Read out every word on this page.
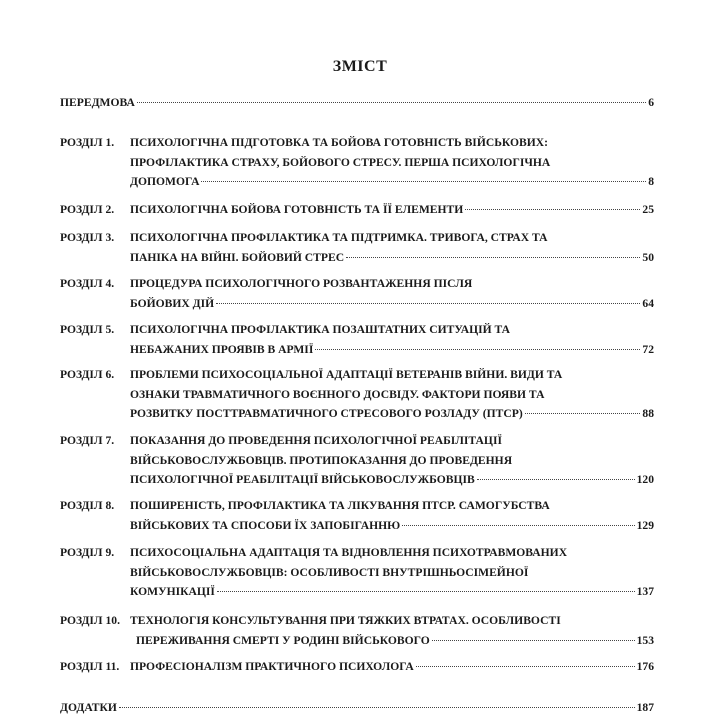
ЗМІСТ
ПЕРЕДМОВА	6
РОЗДІЛ 1.	ПСИХОЛОГІЧНА ПІДГОТОВКА ТА БОЙОВА ГОТОВНІСТЬ ВІЙСЬКОВИХ:
ПРОФІЛАКТИКА СТРАХУ, БОЙОВОГО СТРЕСУ. ПЕРША ПСИХОЛОГІЧНА
ДОПОМОГА	8
РОЗДІЛ 2.	ПСИХОЛОГІЧНА БОЙОВА ГОТОВНІСТЬ ТА ЇЇ ЕЛЕМЕНТИ	25
РОЗДІЛ 3.	ПСИХОЛОГІЧНА ПРОФІЛАКТИКА ТА ПІДТРИМКА. ТРИВОГА, СТРАХ ТА
ПАНІКА НА ВІЙНІ. БОЙОВИЙ СТРЕС	50
РОЗДІЛ 4.	ПРОЦЕДУРА ПСИХОЛОГІЧНОГО РОЗВАНТАЖЕННЯ ПІСЛЯ
БОЙОВИХ ДІЙ	64
РОЗДІЛ 5.	ПСИХОЛОГІЧНА ПРОФІЛАКТИКА ПОЗАШТАТНИХ СИТУАЦІЙ ТА
НЕБАЖАНИХ ПРОЯВІВ В АРМІЇ	72
РОЗДІЛ 6.	ПРОБЛЕМИ ПСИХОСОЦІАЛЬНОЇ АДАПТАЦІЇ ВЕТЕРАНІВ ВІЙНИ. ВИДИ ТА
ОЗНАКИ ТРАВМАТИЧНОГО ВОЄННОГО ДОСВІДУ. ФАКТОРИ ПОЯВИ ТА
РОЗВИТКУ ПОСТТРАВМАТИЧНОГО СТРЕСОВОГО РОЗЛАДУ (ПТСР)	88
РОЗДІЛ 7.	ПОКАЗАННЯ ДО ПРОВЕДЕННЯ ПСИХОЛОГІЧНОЇ РЕАБІЛІТАЦІЇ
ВІЙСЬКОВОСЛУЖБОВЦІВ. ПРОТИПОКАЗАННЯ ДО ПРОВЕДЕННЯ
ПСИХОЛОГІЧНОЇ РЕАБІЛІТАЦІЇ ВІЙСЬКОВОСЛУЖБОВЦІВ	120
РОЗДІЛ 8.	ПОШИРЕНІСТЬ, ПРОФІЛАКТИКА ТА ЛІКУВАННЯ ПТСР. САМОГУБСТВА
ВІЙСЬКОВИХ ТА СПОСОБИ ЇХ ЗАПОБІГАННЮ	129
РОЗДІЛ 9.	ПСИХОСОЦІАЛЬНА АДАПТАЦІЯ ТА ВІДНОВЛЕННЯ ПСИХОТРАВМОВАНИХ
ВІЙСЬКОВОСЛУЖБОВЦІВ: ОСОБЛИВОСТІ ВНУТРІШНЬОСІМЕЙНОЇ
КОМУНІКАЦІЇ	137
РОЗДІЛ 10. ТЕХНОЛОГІЯ КОНСУЛЬТУВАННЯ ПРИ ТЯЖКИХ ВТРАТАХ. ОСОБЛИВОСТІ
ПЕРЕЖИВАННЯ СМЕРТІ У РОДИНІ ВІЙСЬКОВОГО	153
РОЗДІЛ 11. ПРОФЕСІОНАЛІЗМ ПРАКТИЧНОГО ПСИХОЛОГА	176
ДОДАТКИ	187
